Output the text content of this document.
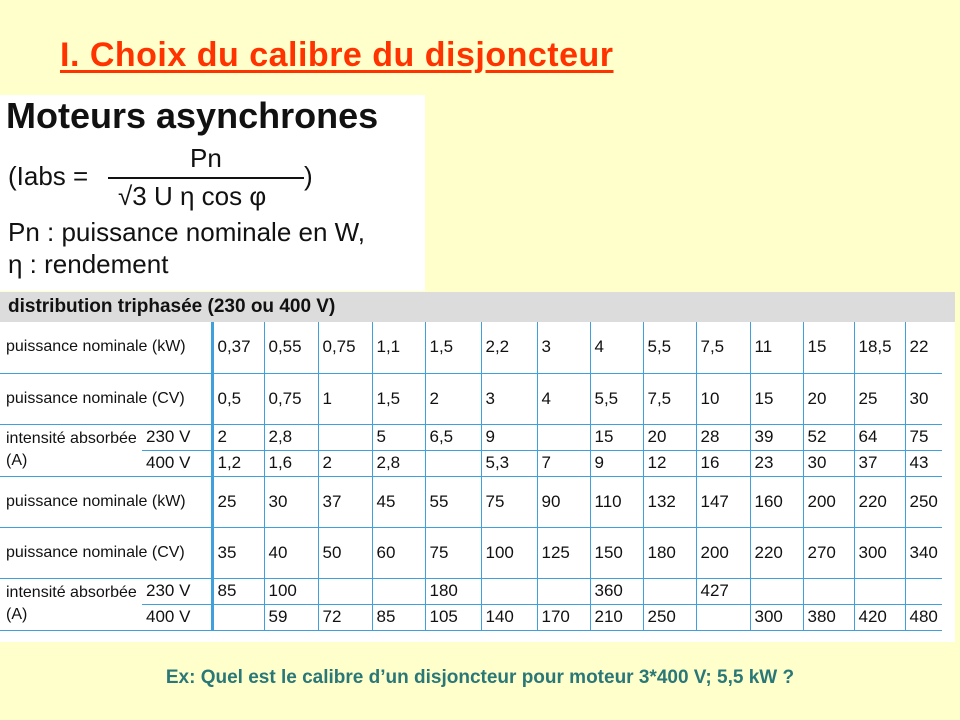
I. Choix du calibre du disjoncteur
Moteurs asynchrones
(Iabs =
Pn
√3 U η cos φ
)
Pn : puissance nominale en W,
η : rendement
distribution triphasée (230 ou 400 V)
puissance nominale (kW)		0,37	0,55	0,75	1,1	1,5	2,2	3	4	5,5	7,5	11	15	18,5	22
puissance nominale (CV)		0,5	0,75	1	1,5	2	3	4	5,5	7,5	10	15	20	25	30
intensité absorbée (A)	230 V	2	2,8		5	6,5	9		15	20	28	39	52	64	75
	400 V	1,2	1,6	2	2,8		5,3	7	9	12	16	23	30	37	43
puissance nominale (kW)		25	30	37	45	55	75	90	110	132	147	160	200	220	250
puissance nominale (CV)		35	40	50	60	75	100	125	150	180	200	220	270	300	340
intensité absorbée (A)	230 V	85	100			180			360		427				
	400 V		59	72	85	105	140	170	210	250		300	380	420	480
Ex: Quel est le calibre d’un disjoncteur pour moteur 3*400 V; 5,5 kW ?
